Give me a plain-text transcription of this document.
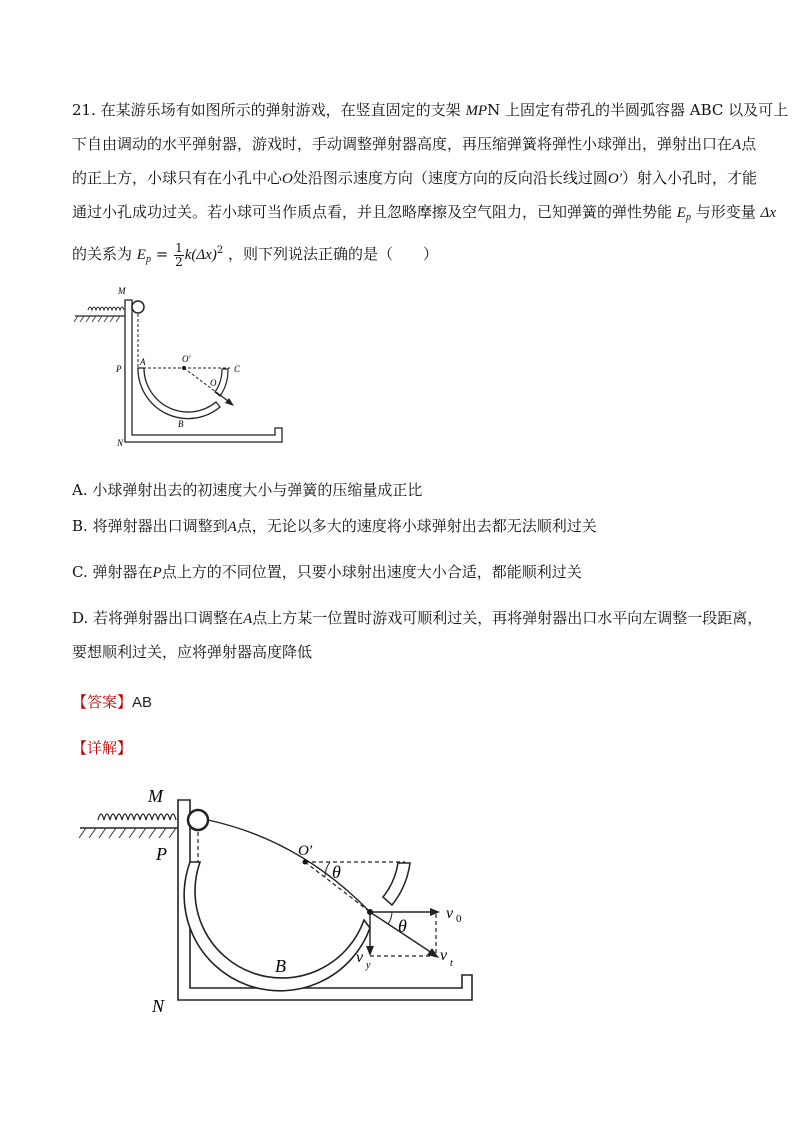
21. 在某游乐场有如图所示的弹射游戏，在竖直固定的支架 MPN 上固定有带孔的半圆弧容器 ABC 以及可上
下自由调动的水平弹射器，游戏时，手动调整弹射器高度，再压缩弹簧将弹性小球弹出，弹射出口在A点
的正上方，小球只有在小孔中心O处沿图示速度方向（速度方向的反向沿长线过圆O′）射入小孔时，才能
通过小孔成功过关。若小球可当作质点看，并且忽略摩擦及空气阻力，已知弹簧的弹性势能 $E_p$ 与形变量 Δx
的关系为 $E_p = \frac{1}{2} k(\Delta x)^2$ ，则下列说法正确的是（　　）
M
P
A	O′
O
C
B
N
A. 小球弹射出去的初速度大小与弹簧的压缩量成正比
B. 将弹射器出口调整到A点，无论以多大的速度将小球弹射出去都无法顺利过关
C. 弹射器在P点上方的不同位置，只要小球射出速度大小合适，都能顺利过关
D. 若将弹射器出口调整在A点上方某一位置时游戏可顺利过关，再将弹射器出口水平向左调整一段距离，
要想顺利过关，应将弹射器高度降低
【答案】AB
【详解】
M
P	O′
θ
θ
v 0
v y
v t
B
N
